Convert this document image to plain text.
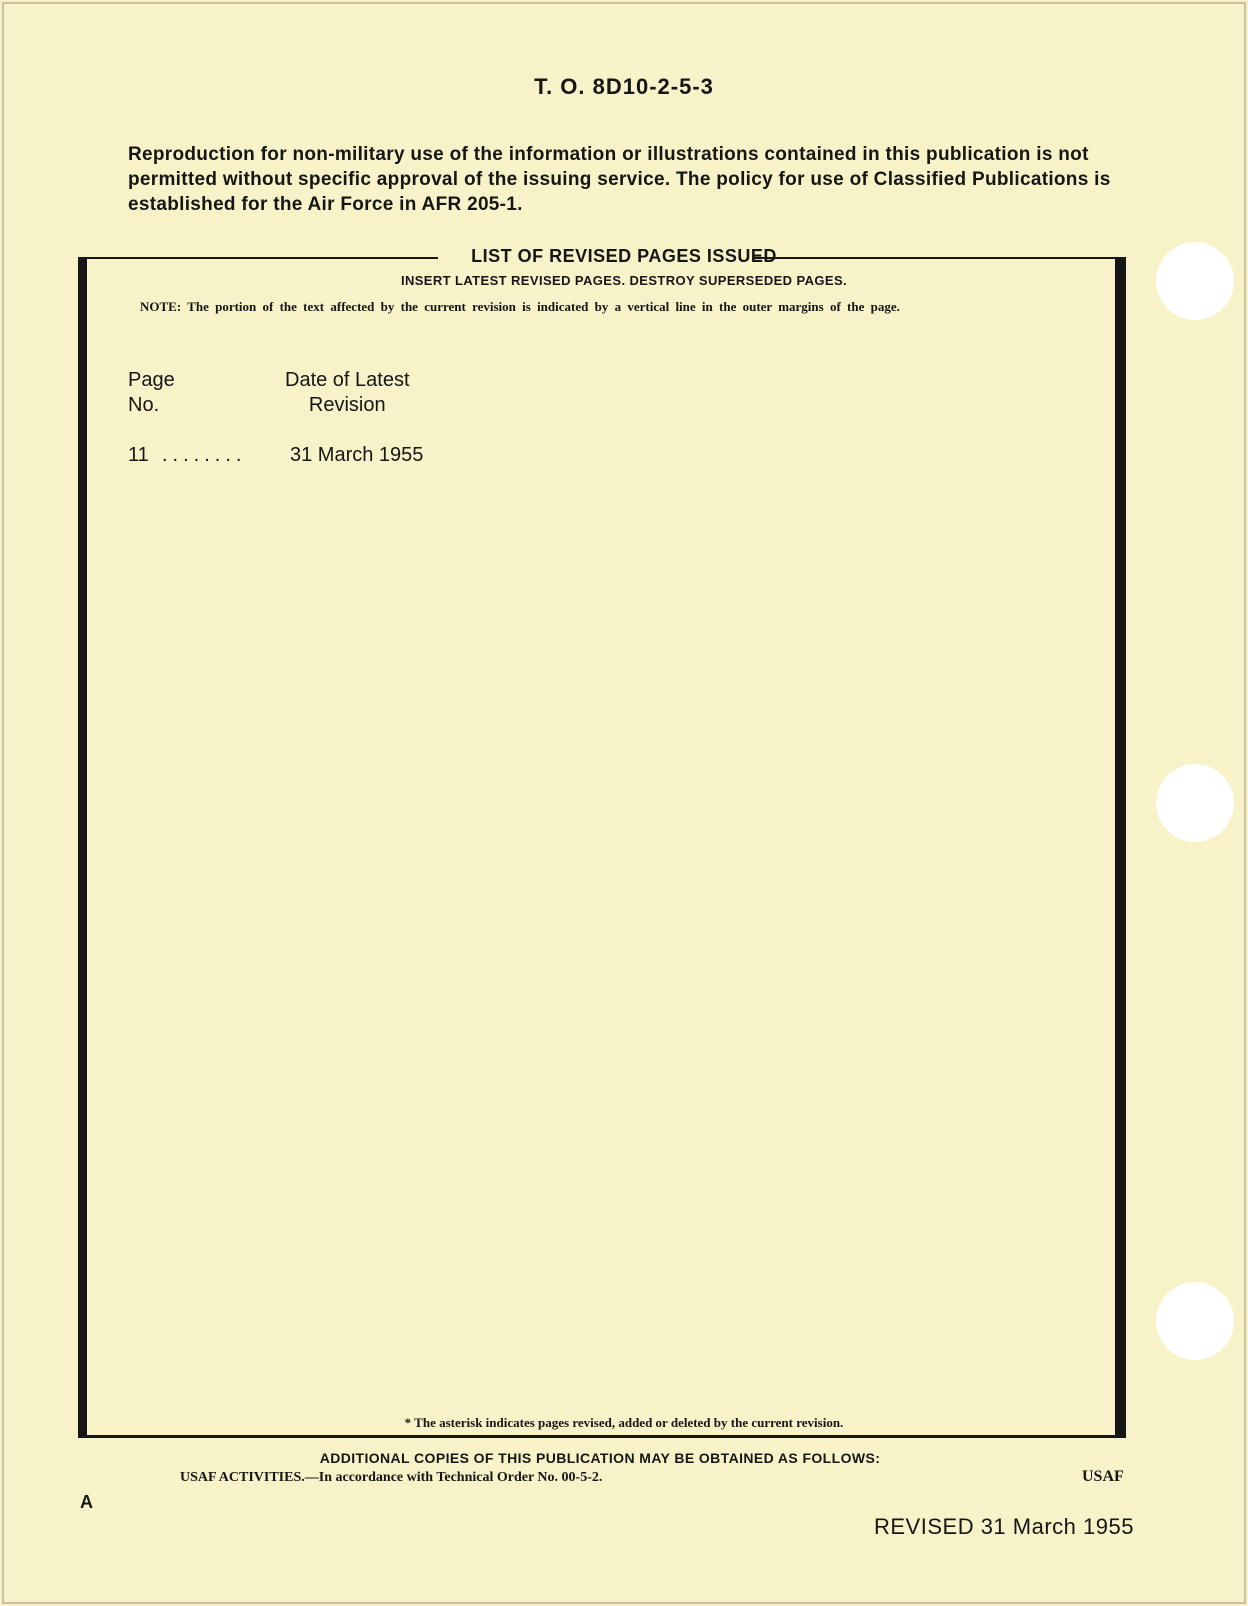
T. O. 8D10-2-5-3
Reproduction for non-military use of the information or illustrations contained in this publication is not permitted without specific approval of the issuing service. The policy for use of Classified Publications is established for the Air Force in AFR 205-1.
LIST OF REVISED PAGES ISSUED
INSERT LATEST REVISED PAGES. DESTROY SUPERSEDED PAGES.
NOTE: The portion of the text affected by the current revision is indicated by a vertical line in the outer margins of the page.
Page
No.
Date of Latest
Revision
11 ........ 31 March 1955
* The asterisk indicates pages revised, added or deleted by the current revision.
ADDITIONAL COPIES OF THIS PUBLICATION MAY BE OBTAINED AS FOLLOWS:
USAF ACTIVITIES.—In accordance with Technical Order No. 00-5-2.	USAF
A
REVISED 31 March 1955
